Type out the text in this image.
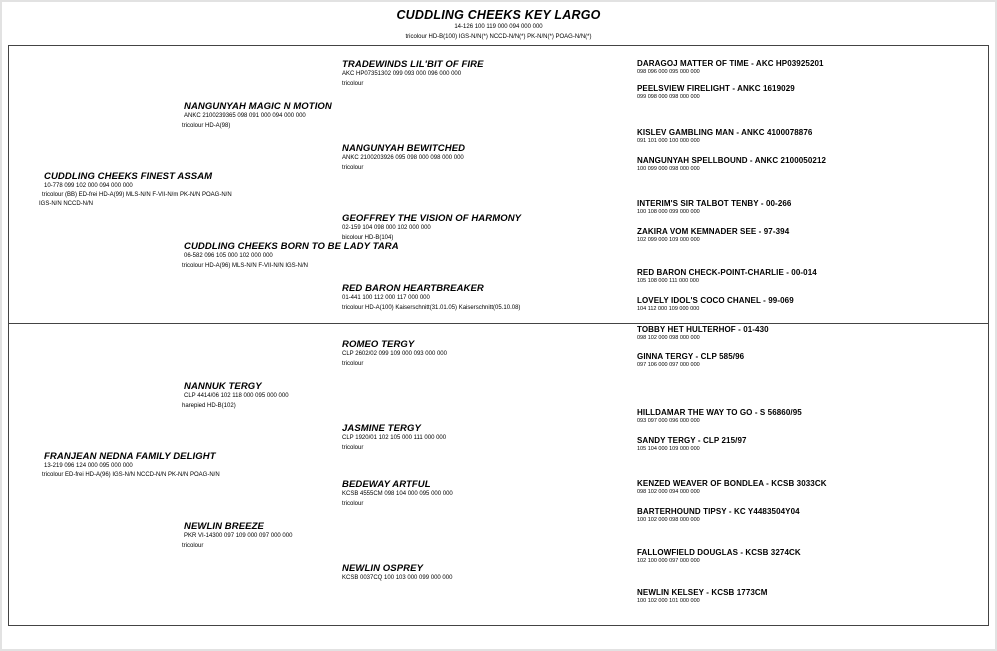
CUDDLING CHEEKS KEY LARGO
14-126 100 119 000 094 000 000
tricolour HD-B(100) IGS-N/N(*) NCCD-N/N(*) PK-N/N(*) POAG-N/N(*)
CUDDLING CHEEKS FINEST ASSAM
10-778 099 102 000 094 000 000
tricolour (BB) ED-frei HD-A(99) MLS-N/N F-VII-N/m PK-N/N POAG-N/N
IGS-N/N NCCD-N/N
FRANJEAN NEDNA FAMILY DELIGHT
13-219 096 124 000 095 000 000
tricolour ED-frei HD-A(96) IGS-N/N NCCD-N/N PK-N/N POAG-N/N
NANGUNYAH MAGIC N MOTION
ANKC 2100239365 098 091 000 094 000 000
tricolour HD-A(98)
CUDDLING CHEEKS BORN TO BE LADY TARA
06-582 096 105 000 102 000 000
tricolour HD-A(96) MLS-N/N F-VII-N/N IGS-N/N
NANNUK TERGY
CLP 4414/06 102 118 000 095 000 000
harepied HD-B(102)
NEWLIN BREEZE
PKR VI-14300 097 109 000 097 000 000
tricolour
TRADEWINDS LIL'BIT OF FIRE
AKC HP07351302 099 093 000 096 000 000
tricolour
NANGUNYAH BEWITCHED
ANKC 2100203926 095 098 000 098 000 000
tricolour
GEOFFREY THE VISION OF HARMONY
02-159 104 098 000 102 000 000
bicolour HD-B(104)
RED BARON HEARTBREAKER
01-441 100 112 000 117 000 000
tricolour HD-A(100) Kaiserschnitt(31.01.05) Kaiserschnitt(05.10.08)
ROMEO TERGY
CLP 2602/02 099 109 000 093 000 000
tricolour
JASMINE TERGY
CLP 1920/01 102 105 000 111 000 000
tricolour
BEDEWAY ARTFUL
KCSB 4555CM 098 104 000 095 000 000
tricolour
NEWLIN OSPREY
KCSB 0037CQ 100 103 000 099 000 000
DARAGOJ MATTER OF TIME - AKC HP03925201
098 096 000 095 000 000
PEELSVIEW FIRELIGHT - ANKC 1619029
099 098 000 098 000 000
KISLEV GAMBLING MAN - ANKC 4100078876
091 101 000 100 000 000
NANGUNYAH SPELLBOUND - ANKC 2100050212
100 099 000 098 000 000
INTERIM'S SIR TALBOT TENBY - 00-266
100 108 000 099 000 000
ZAKIRA VOM KEMNADER SEE - 97-394
102 099 000 109 000 000
RED BARON CHECK-POINT-CHARLIE - 00-014
105 108 000 111 000 000
LOVELY IDOL'S COCO CHANEL - 99-069
104 112 000 109 000 000
TOBBY HET HULTERHOF - 01-430
098 102 000 098 000 000
GINNA TERGY - CLP 585/96
097 106 000 097 000 000
HILLDAMAR THE WAY TO GO - S 56860/95
093 097 000 096 000 000
SANDY TERGY - CLP 215/97
105 104 000 109 000 000
KENZED WEAVER OF BONDLEA - KCSB 3033CK
098 102 000 094 000 000
BARTERHOUND TIPSY - KC Y4483504Y04
100 102 000 098 000 000
FALLOWFIELD DOUGLAS - KCSB 3274CK
102 100 000 097 000 000
NEWLIN KELSEY - KCSB 1773CM
100 102 000 101 000 000
